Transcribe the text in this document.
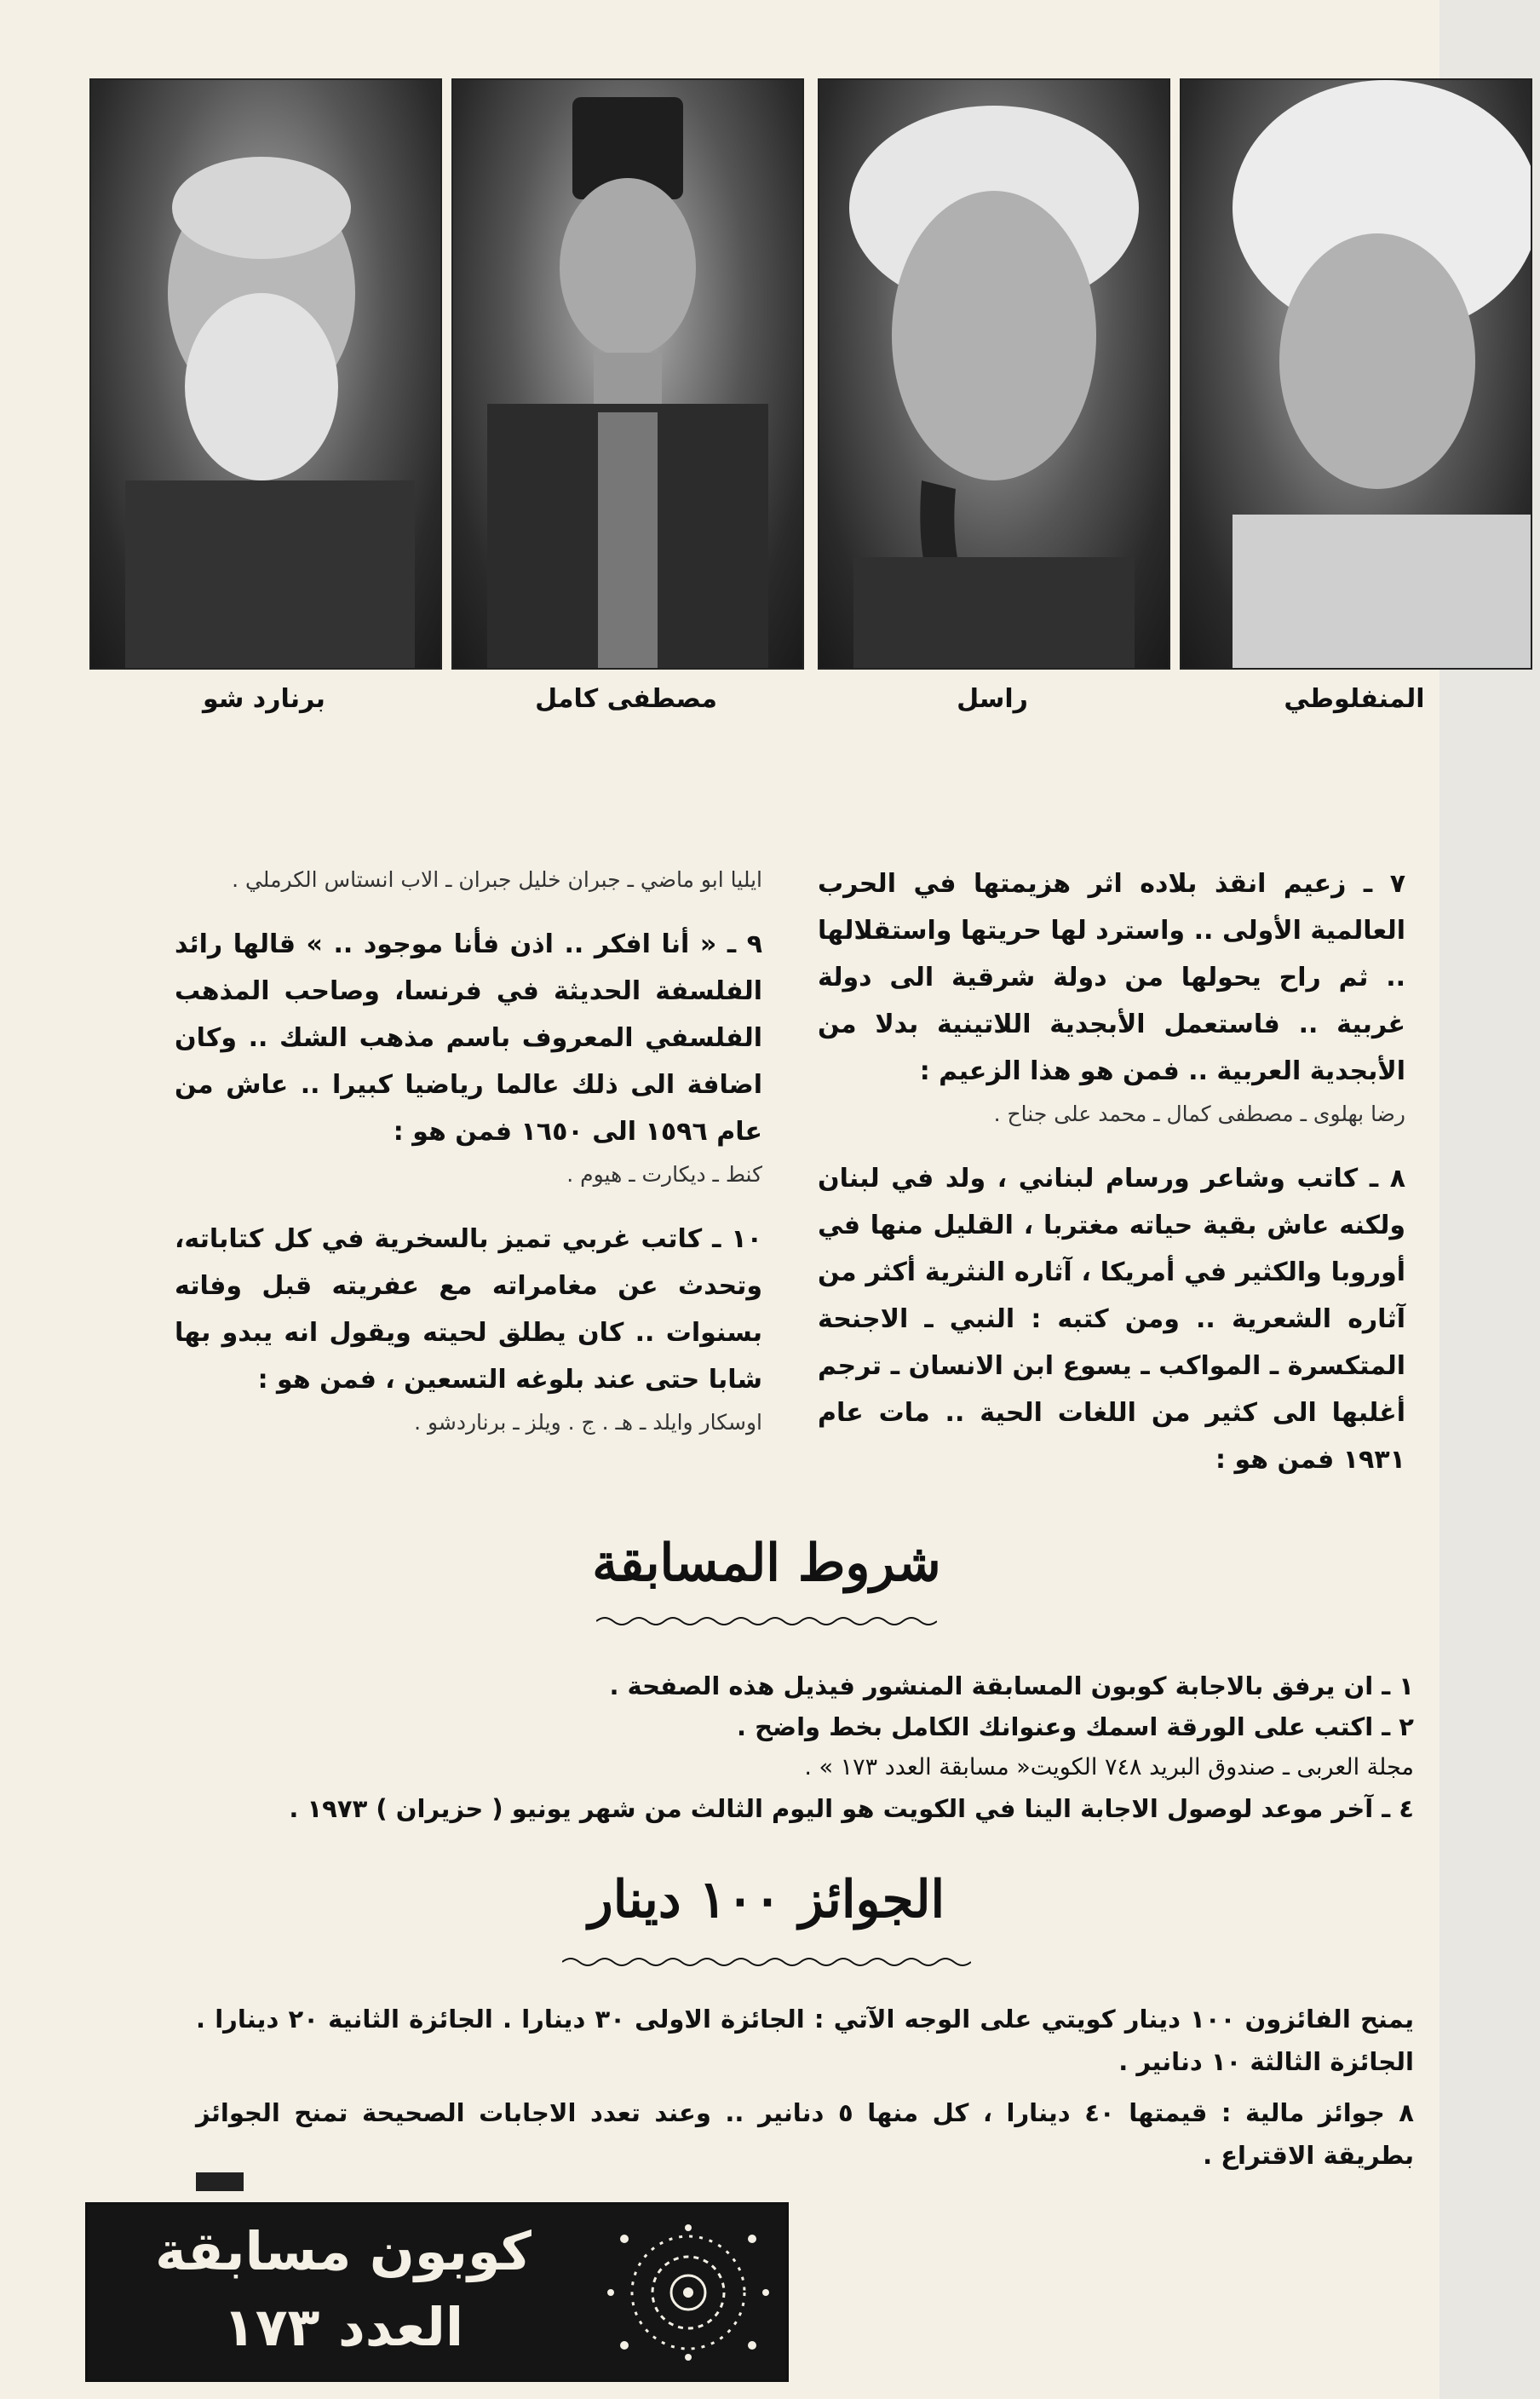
برنارد شو	مصطفى كامل	راسل	المنفلوطي

٧ ـ زعيم انقذ بلاده اثر هزيمتها في الحرب العالمية الأولى .. واسترد لها حريتها واستقلالها .. ثم راح يحولها من دولة شرقية الى دولة غربية .. فاستعمل الأبجدية اللاتينية بدلا من الأبجدية العربية .. فمن هو هذا الزعيم :

رضا بهلوى ـ مصطفى كمال ـ محمد على جناح .

٨ ـ كاتب وشاعر ورسام لبناني ، ولد في لبنان ولكنه عاش بقية حياته مغتربا ، القليل منها في أوروبا والكثير في أمريكا ، آثاره النثرية أكثر من آثاره الشعرية .. ومن كتبه : النبي ـ الاجنحة المتكسرة ـ المواكب ـ يسوع ابن الانسان ـ ترجم أغلبها الى كثير من اللغات الحية .. مات عام ١٩٣١ فمن هو :

ايليا ابو ماضي ـ جبران خليل جبران ـ الاب انستاس الكرملي .

٩ ـ « أنا افكر .. اذن فأنا موجود .. » قالها رائد الفلسفة الحديثة في فرنسا، وصاحب المذهب الفلسفي المعروف باسم مذهب الشك .. وكان اضافة الى ذلك عالما رياضيا كبيرا .. عاش من عام ١٥٩٦ الى ١٦٥٠ فمن هو :

كنط ـ ديكارت ـ هيوم .

١٠ ـ كاتب غربي تميز بالسخرية في كل كتاباته، وتحدث عن مغامراته مع عفريته قبل وفاته بسنوات .. كان يطلق لحيته ويقول انه يبدو بها شابا حتى عند بلوغه التسعين ، فمن هو :

اوسكار وايلد ـ هـ . ج . ويلز ـ برناردشو .
شروط المسابقة
١ ـ ان يرفق بالاجابة كوبون المسابقة المنشور فيذيل هذه الصفحة .
٢ ـ اكتب على الورقة اسمك وعنوانك الكامل بخط واضح .
مجلة العربى ـ صندوق البريد ٧٤٨ الكويت« مسابقة العدد ١٧٣ » .
٤ ـ آخر موعد لوصول الاجابة الينا في الكويت هو اليوم الثالث من شهر يونيو ( حزيران ) ١٩٧٣ .
الجوائز ١٠٠ دينار

يمنح الفائزون ١٠٠ دينار كويتي على الوجه الآتي : الجائزة الاولى ٣٠ دينارا . الجائزة الثانية ٢٠ دينارا . الجائزة الثالثة ١٠ دنانير .

٨ جوائز مالية : قيمتها ٤٠ دينارا ، كل منها ٥ دنانير .. وعند تعدد الاجابات الصحيحة تمنح الجوائز بطريقة الاقتراع .

كوبون مسابقة
العدد ١٧٣
